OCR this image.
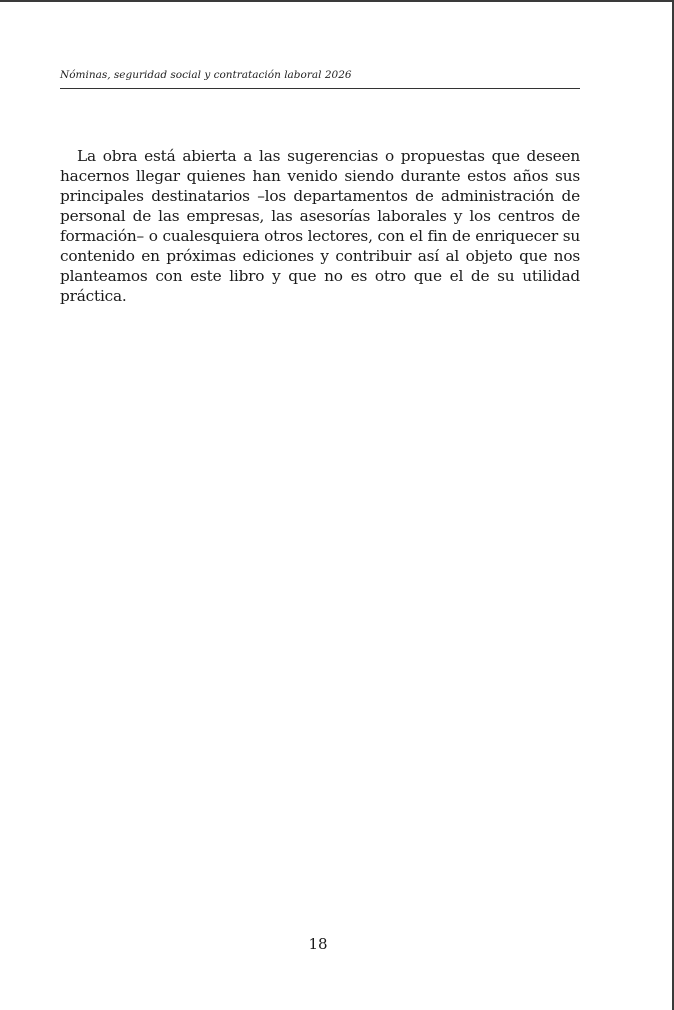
Nóminas, seguridad social y contratación laboral 2026

La obra está abierta a las sugerencias o propuestas que deseen hacernos llegar quienes han venido siendo durante estos años sus principales destinatarios –los departamentos de administración de personal de las empresas, las asesorías laborales y los centros de formación– o cualesquiera otros lectores, con el fin de enriquecer su contenido en próximas ediciones y contribuir así al objeto que nos planteamos con este libro y que no es otro que el de su utilidad práctica.

18
